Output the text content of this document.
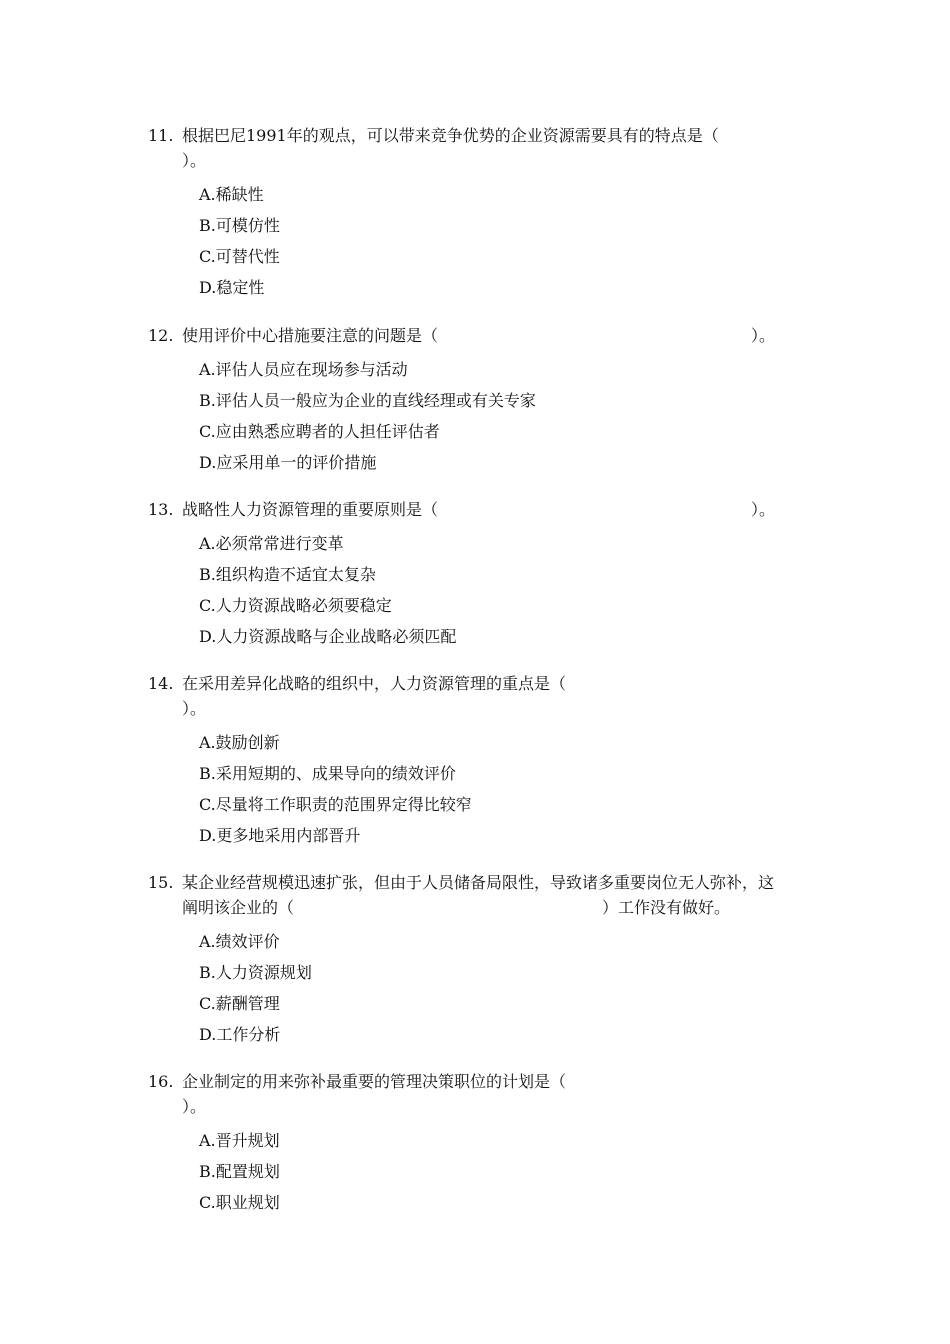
11. 根据巴尼1991年的观点，可以带来竞争优势的企业资源需要具有的特点是（
）。
A.稀缺性
B.可模仿性
C.可替代性
D.稳定性
12. 使用评价中心措施要注意的问题是（	）。
A.评估人员应在现场参与活动
B.评估人员一般应为企业的直线经理或有关专家
C.应由熟悉应聘者的人担任评估者
D.应采用单一的评价措施
13. 战略性人力资源管理的重要原则是（	）。
A.必须常常进行变革
B.组织构造不适宜太复杂
C.人力资源战略必须要稳定
D.人力资源战略与企业战略必须匹配
14. 在采用差异化战略的组织中，人力资源管理的重点是（
）。
A.鼓励创新
B.采用短期的、成果导向的绩效评价
C.尽量将工作职责的范围界定得比较窄
D.更多地采用内部晋升
15. 某企业经营规模迅速扩张，但由于人员储备局限性，导致诸多重要岗位无人弥补，这
阐明该企业的（	）工作没有做好。
A.绩效评价
B.人力资源规划
C.薪酬管理
D.工作分析
16. 企业制定的用来弥补最重要的管理决策职位的计划是（
）。
A.晋升规划
B.配置规划
C.职业规划
